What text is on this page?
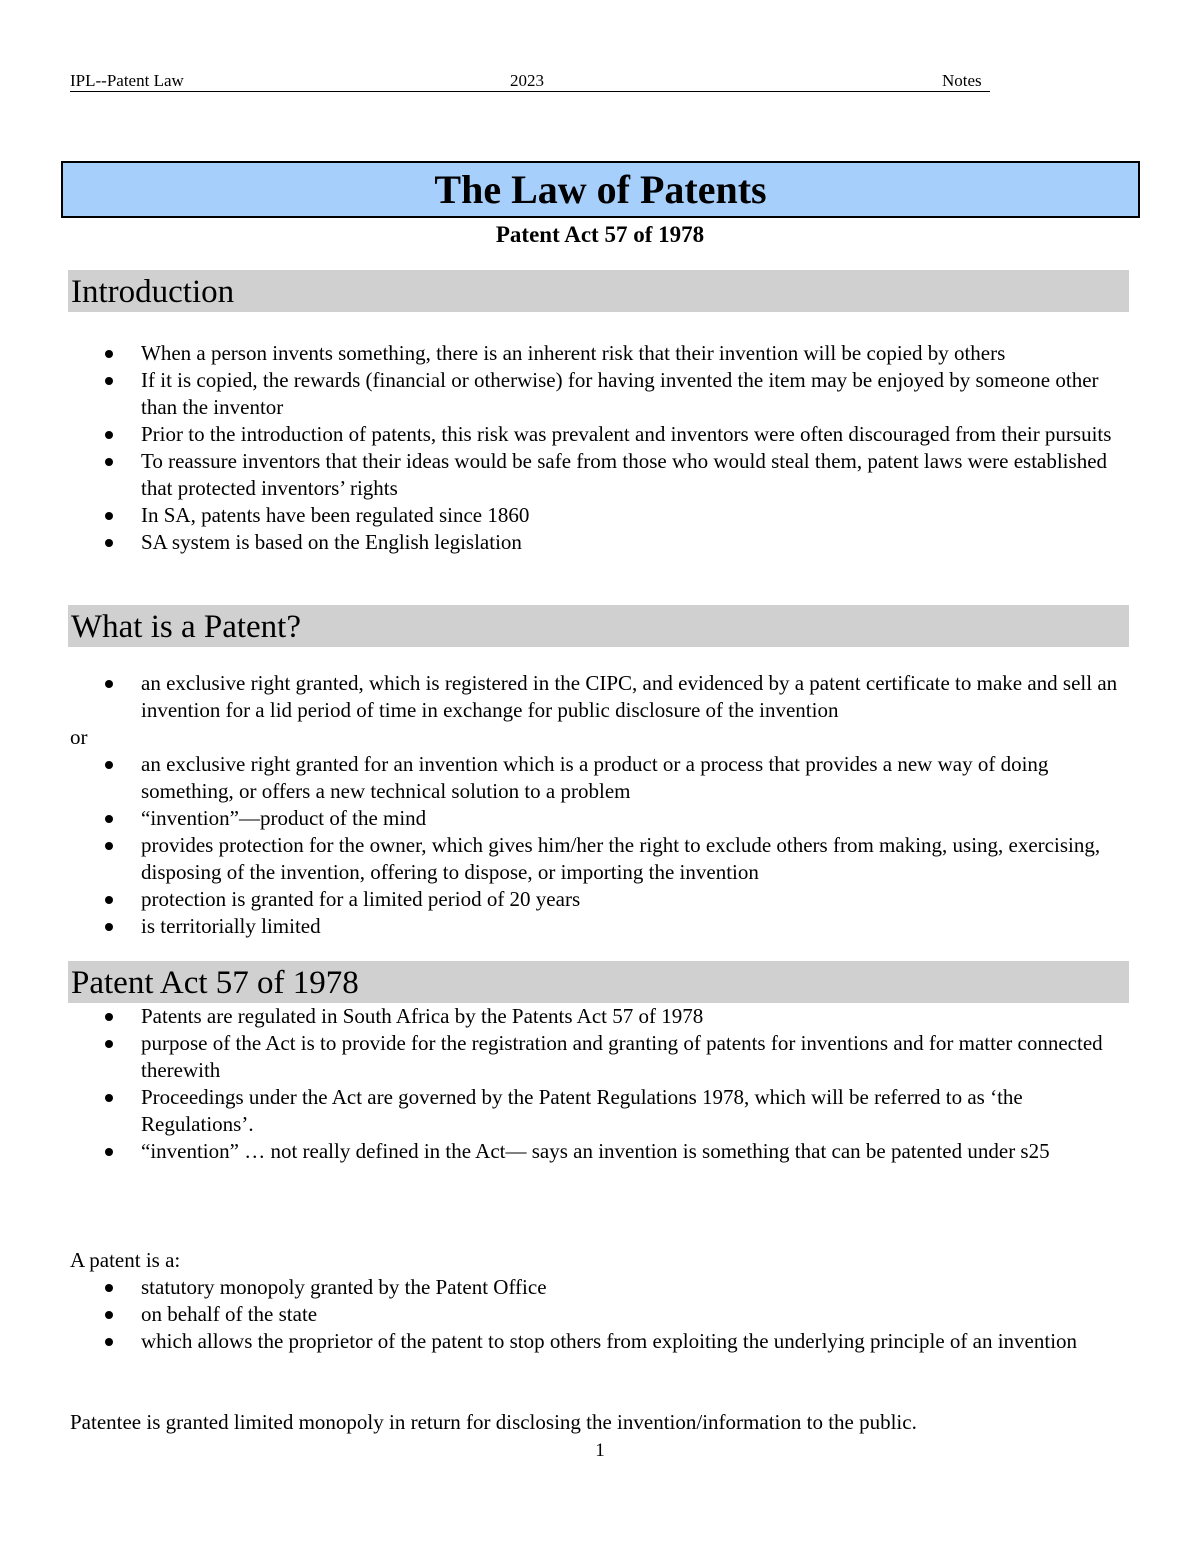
IPL--Patent Law	2023	Notes
The Law of Patents
Patent Act 57 of 1978
Introduction
When a person invents something, there is an inherent risk that their invention will be copied by others
If it is copied, the rewards (financial or otherwise) for having invented the item may be enjoyed by someone other than the inventor
Prior to the introduction of patents, this risk was prevalent and inventors were often discouraged from their pursuits
To reassure inventors that their ideas would be safe from those who would steal them, patent laws were established that protected inventors’ rights
In SA, patents have been regulated since 1860
SA system is based on the English legislation
What is a Patent?
an exclusive right granted, which is registered in the CIPC, and evidenced by a patent certificate to make and sell an invention for a lid period of time in exchange for public disclosure of the invention
or
an exclusive right granted for an invention which is a product or a process that provides a new way of doing something, or offers a new technical solution to a problem
“invention”—product of the mind
provides protection for the owner, which gives him/her the right to exclude others from making, using, exercising, disposing of the invention, offering to dispose, or importing the invention
protection is granted for a limited period of 20 years
is territorially limited
Patent Act 57 of 1978
Patents are regulated in South Africa by the Patents Act 57 of 1978
purpose of the Act is to provide for the registration and granting of patents for inventions and for matter connected therewith
Proceedings under the Act are governed by the Patent Regulations 1978, which will be referred to as ‘the Regulations’.
“invention” … not really defined in the Act— says an invention is something that can be patented under s25
A patent is a:
statutory monopoly granted by the Patent Office
on behalf of the state
which allows the proprietor of the patent to stop others from exploiting the underlying principle of an invention
Patentee is granted limited monopoly in return for disclosing the invention/information to the public.
1
